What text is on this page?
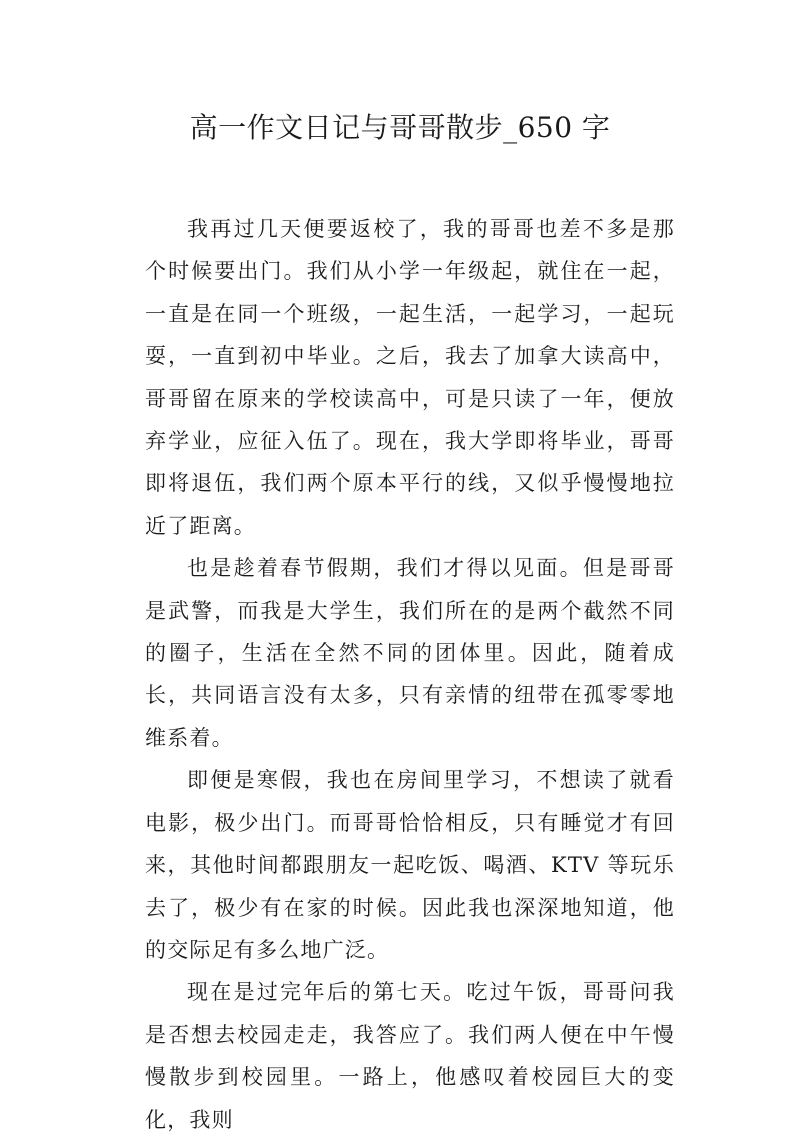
高一作文日记与哥哥散步_650 字

我再过几天便要返校了，我的哥哥也差不多是那个时候要出门。我们从小学一年级起，就住在一起，一直是在同一个班级，一起生活，一起学习，一起玩耍，一直到初中毕业。之后，我去了加拿大读高中，哥哥留在原来的学校读高中，可是只读了一年，便放弃学业，应征入伍了。现在，我大学即将毕业，哥哥即将退伍，我们两个原本平行的线，又似乎慢慢地拉近了距离。

也是趁着春节假期，我们才得以见面。但是哥哥是武警，而我是大学生，我们所在的是两个截然不同的圈子，生活在全然不同的团体里。因此，随着成长，共同语言没有太多，只有亲情的纽带在孤零零地维系着。

即便是寒假，我也在房间里学习，不想读了就看电影，极少出门。而哥哥恰恰相反，只有睡觉才有回来，其他时间都跟朋友一起吃饭、喝酒、KTV 等玩乐去了，极少有在家的时候。因此我也深深地知道，他的交际足有多么地广泛。

现在是过完年后的第七天。吃过午饭，哥哥问我是否想去校园走走，我答应了。我们两人便在中午慢慢散步到校园里。一路上，他感叹着校园巨大的变化，我则
